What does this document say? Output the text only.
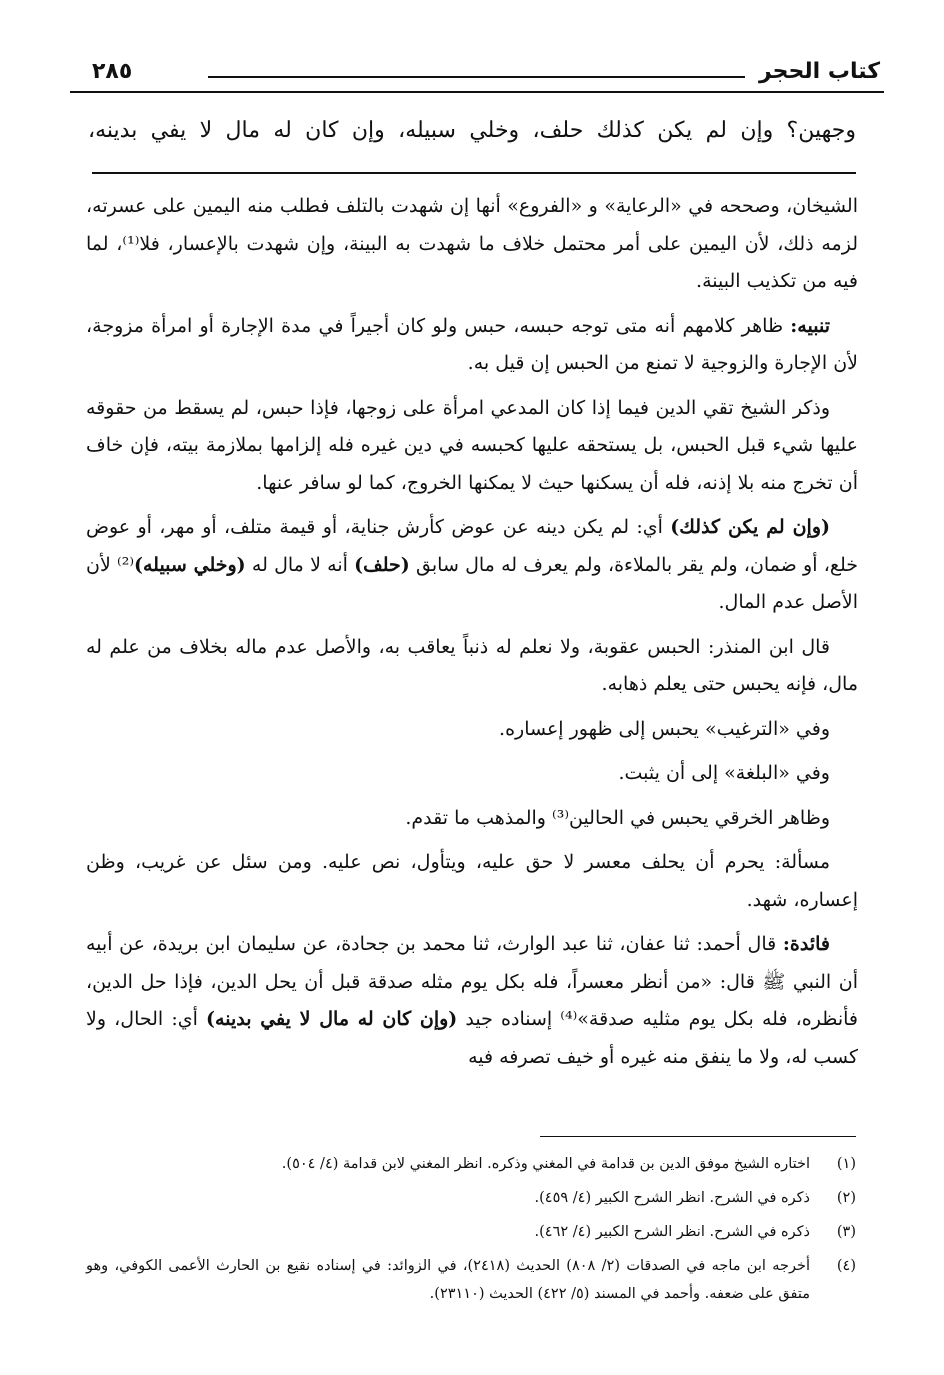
كتاب الحجر
٢٨٥
وجهين؟ وإن لم يكن كذلك حلف، وخلي سبيله، وإن كان له مال لا يفي بدينه،

الشيخان، وصححه في «الرعاية» و «الفروع» أنها إن شهدت بالتلف فطلب منه اليمين على عسرته، لزمه ذلك، لأن اليمين على أمر محتمل خلاف ما شهدت به البينة، وإن شهدت بالإعسار، فلا⁽¹⁾، لما فيه من تكذيب البينة.

تنبيه: ظاهر كلامهم أنه متى توجه حبسه، حبس ولو كان أجيراً في مدة الإجارة أو امرأة مزوجة، لأن الإجارة والزوجية لا تمنع من الحبس إن قيل به.

وذكر الشيخ تقي الدين فيما إذا كان المدعي امرأة على زوجها، فإذا حبس، لم يسقط من حقوقه عليها شيء قبل الحبس، بل يستحقه عليها كحبسه في دين غيره فله إلزامها بملازمة بيته، فإن خاف أن تخرج منه بلا إذنه، فله أن يسكنها حيث لا يمكنها الخروج، كما لو سافر عنها.

(وإن لم يكن كذلك) أي: لم يكن دينه عن عوض كأرش جناية، أو قيمة متلف، أو مهر، أو عوض خلع، أو ضمان، ولم يقر بالملاءة، ولم يعرف له مال سابق (حلف) أنه لا مال له (وخلي سبيله)⁽²⁾ لأن الأصل عدم المال.

قال ابن المنذر: الحبس عقوبة، ولا نعلم له ذنباً يعاقب به، والأصل عدم ماله بخلاف من علم له مال، فإنه يحبس حتى يعلم ذهابه.

وفي «الترغيب» يحبس إلى ظهور إعساره.

وفي «البلغة» إلى أن يثبت.

وظاهر الخرقي يحبس في الحالين⁽³⁾ والمذهب ما تقدم.

مسألة: يحرم أن يحلف معسر لا حق عليه، ويتأول، نص عليه. ومن سئل عن غريب، وظن إعساره، شهد.

فائدة: قال أحمد: ثنا عفان، ثنا عبد الوارث، ثنا محمد بن جحادة، عن سليمان ابن بريدة، عن أبيه أن النبي ﷺ قال: «من أنظر معسراً، فله بكل يوم مثله صدقة قبل أن يحل الدين، فإذا حل الدين، فأنظره، فله بكل يوم مثليه صدقة»⁽⁴⁾ إسناده جيد (وإن كان له مال لا يفي بدينه) أي: الحال، ولا كسب له، ولا ما ينفق منه غيره أو خيف تصرفه فيه

(١)
اختاره الشيخ موفق الدين بن قدامة في المغني وذكره. انظر المغني لابن قدامة (٤/ ٥٠٤).
(٢)
ذكره في الشرح. انظر الشرح الكبير (٤/ ٤٥٩).
(٣)
ذكره في الشرح. انظر الشرح الكبير (٤/ ٤٦٢).
(٤)
أخرجه ابن ماجه في الصدقات (٢/ ٨٠٨) الحديث (٢٤١٨)، في الزوائد: في إسناده نقيع بن الحارث الأعمى الكوفي، وهو متفق على ضعفه. وأحمد في المسند (٥/ ٤٢٢) الحديث (٢٣١١٠).
